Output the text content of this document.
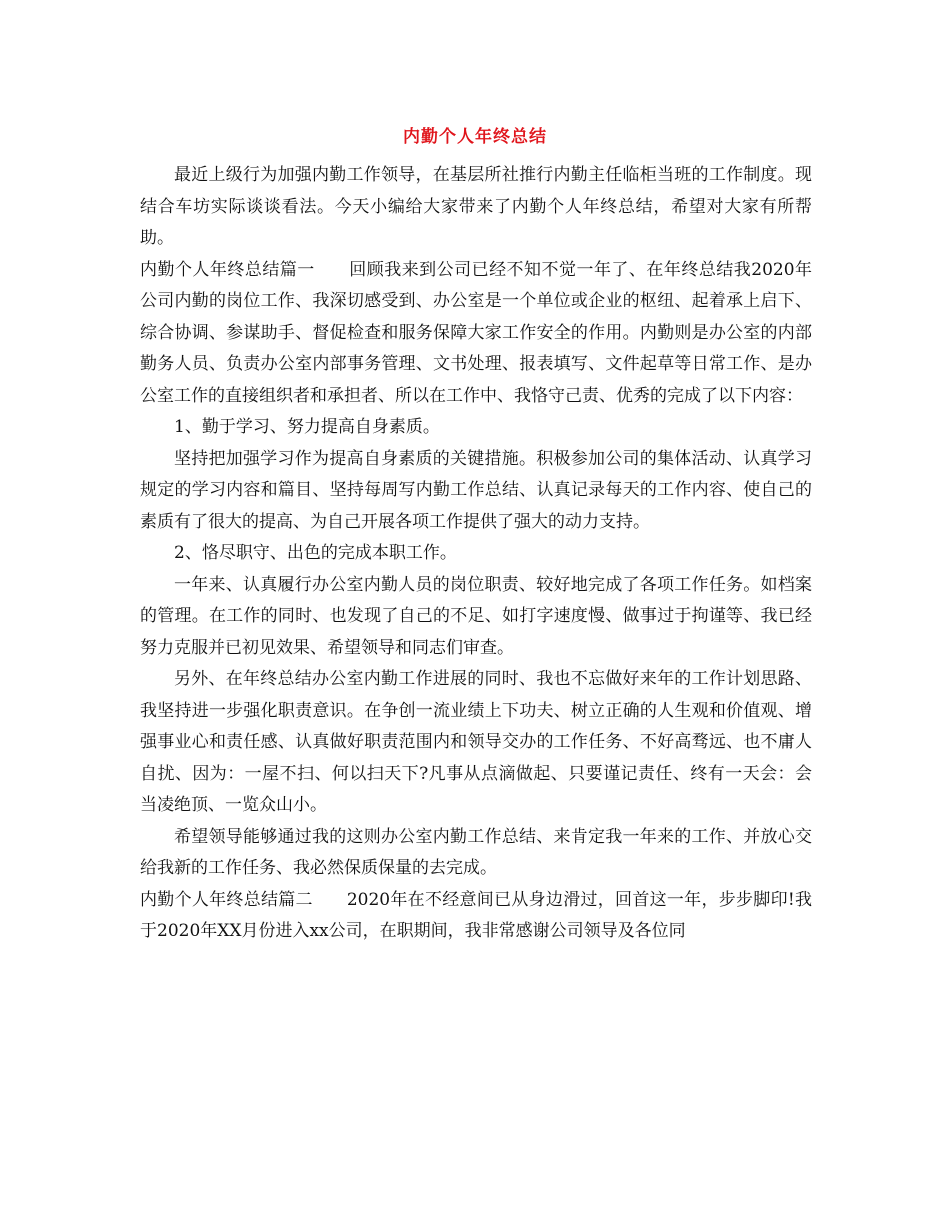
内勤个人年终总结

最近上级行为加强内勤工作领导，在基层所社推行内勤主任临柜当班的工作制度。现结合车坊实际谈谈看法。今天小编给大家带来了内勤个人年终总结，希望对大家有所帮助。

内勤个人年终总结篇一 回顾我来到公司已经不知不觉一年了、在年终总结我2020年公司内勤的岗位工作、我深切感受到、办公室是一个单位或企业的枢纽、起着承上启下、综合协调、参谋助手、督促检查和服务保障大家工作安全的作用。内勤则是办公室的内部勤务人员、负责办公室内部事务管理、文书处理、报表填写、文件起草等日常工作、是办公室工作的直接组织者和承担者、所以在工作中、我恪守己责、优秀的完成了以下内容：

1、勤于学习、努力提高自身素质。

坚持把加强学习作为提高自身素质的关键措施。积极参加公司的集体活动、认真学习规定的学习内容和篇目、坚持每周写内勤工作总结、认真记录每天的工作内容、使自己的素质有了很大的提高、为自己开展各项工作提供了强大的动力支持。

2、恪尽职守、出色的完成本职工作。

一年来、认真履行办公室内勤人员的岗位职责、较好地完成了各项工作任务。如档案的管理。在工作的同时、也发现了自己的不足、如打字速度慢、做事过于拘谨等、我已经努力克服并已初见效果、希望领导和同志们审查。

另外、在年终总结办公室内勤工作进展的同时、我也不忘做好来年的工作计划思路、我坚持进一步强化职责意识。在争创一流业绩上下功夫、树立正确的人生观和价值观、增强事业心和责任感、认真做好职责范围内和领导交办的工作任务、不好高骛远、也不庸人自扰、因为：一屋不扫、何以扫天下?凡事从点滴做起、只要谨记责任、终有一天会：会当凌绝顶、一览众山小。

希望领导能够通过我的这则办公室内勤工作总结、来肯定我一年来的工作、并放心交给我新的工作任务、我必然保质保量的去完成。

内勤个人年终总结篇二 2020年在不经意间已从身边滑过，回首这一年，步步脚印!我于2020年XX月份进入xx公司，在职期间，我非常感谢公司领导及各位同
